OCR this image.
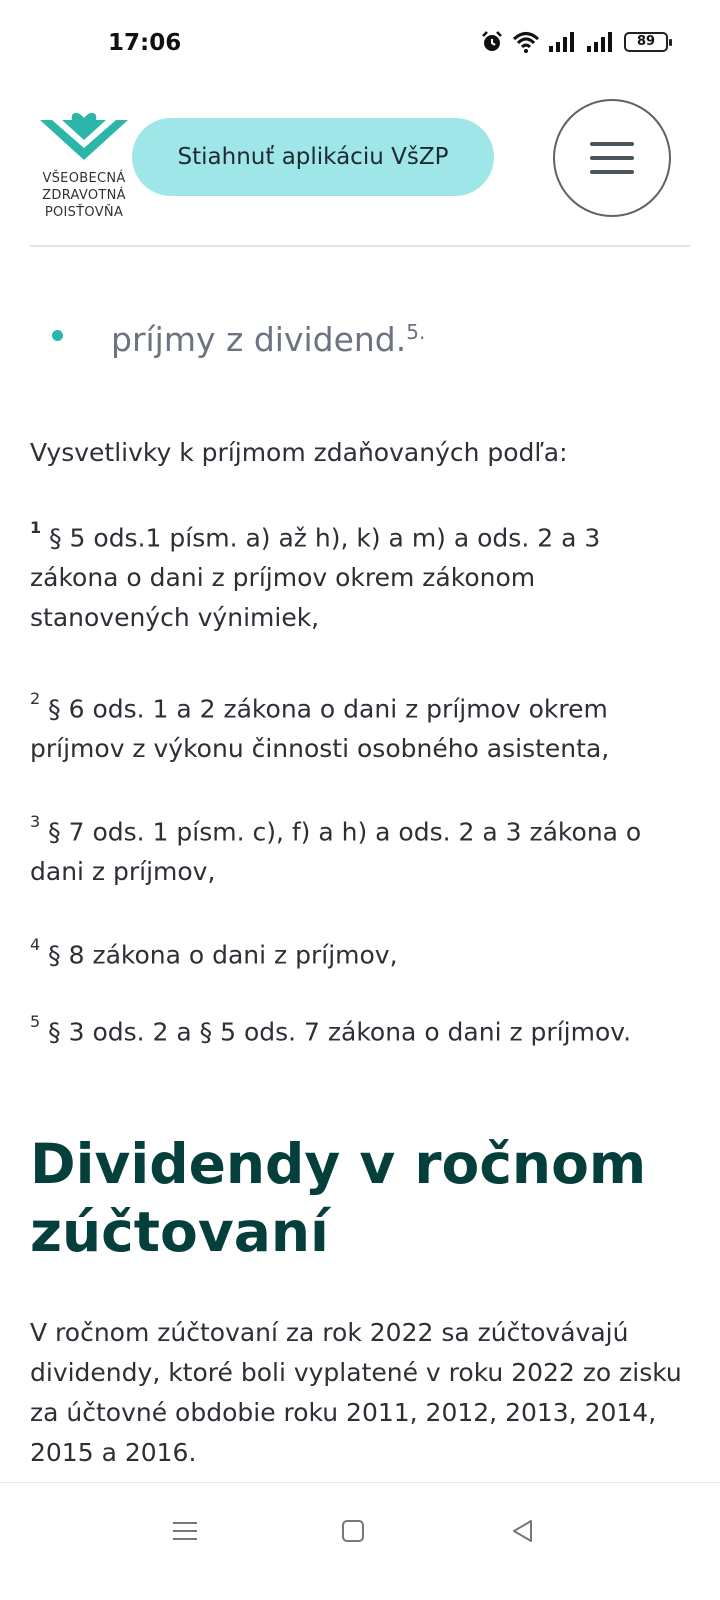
17:06	89
VŠEOBECNÁ
ZDRAVOTNÁ
POISŤOVŇA
Stiahnuť aplikáciu VšZP
príjmy z dividend.$^{5.}$
Vysvetlivky k príjmom zdaňovaných podľa:
$^1$ § 5 ods.1 písm. a) až h), k) a m) a ods. 2 a 3 zákona o dani z príjmov okrem zákonom stanovených výnimiek,
$^2$ § 6 ods. 1 a 2 zákona o dani z príjmov okrem príjmov z výkonu činnosti osobného asistenta,
$^3$ § 7 ods. 1 písm. c), f) a h) a ods. 2 a 3 zákona o dani z príjmov,
$^4$ § 8 zákona o dani z príjmov,
$^5$ § 3 ods. 2 a § 5 ods. 7 zákona o dani z príjmov.
Dividendy v ročnom zúčtovaní
V ročnom zúčtovaní za rok 2022 sa zúčtovávajú dividendy, ktoré boli vyplatené v roku 2022 zo zisku za účtovné obdobie roku 2011, 2012, 2013, 2014, 2015 a 2016.
